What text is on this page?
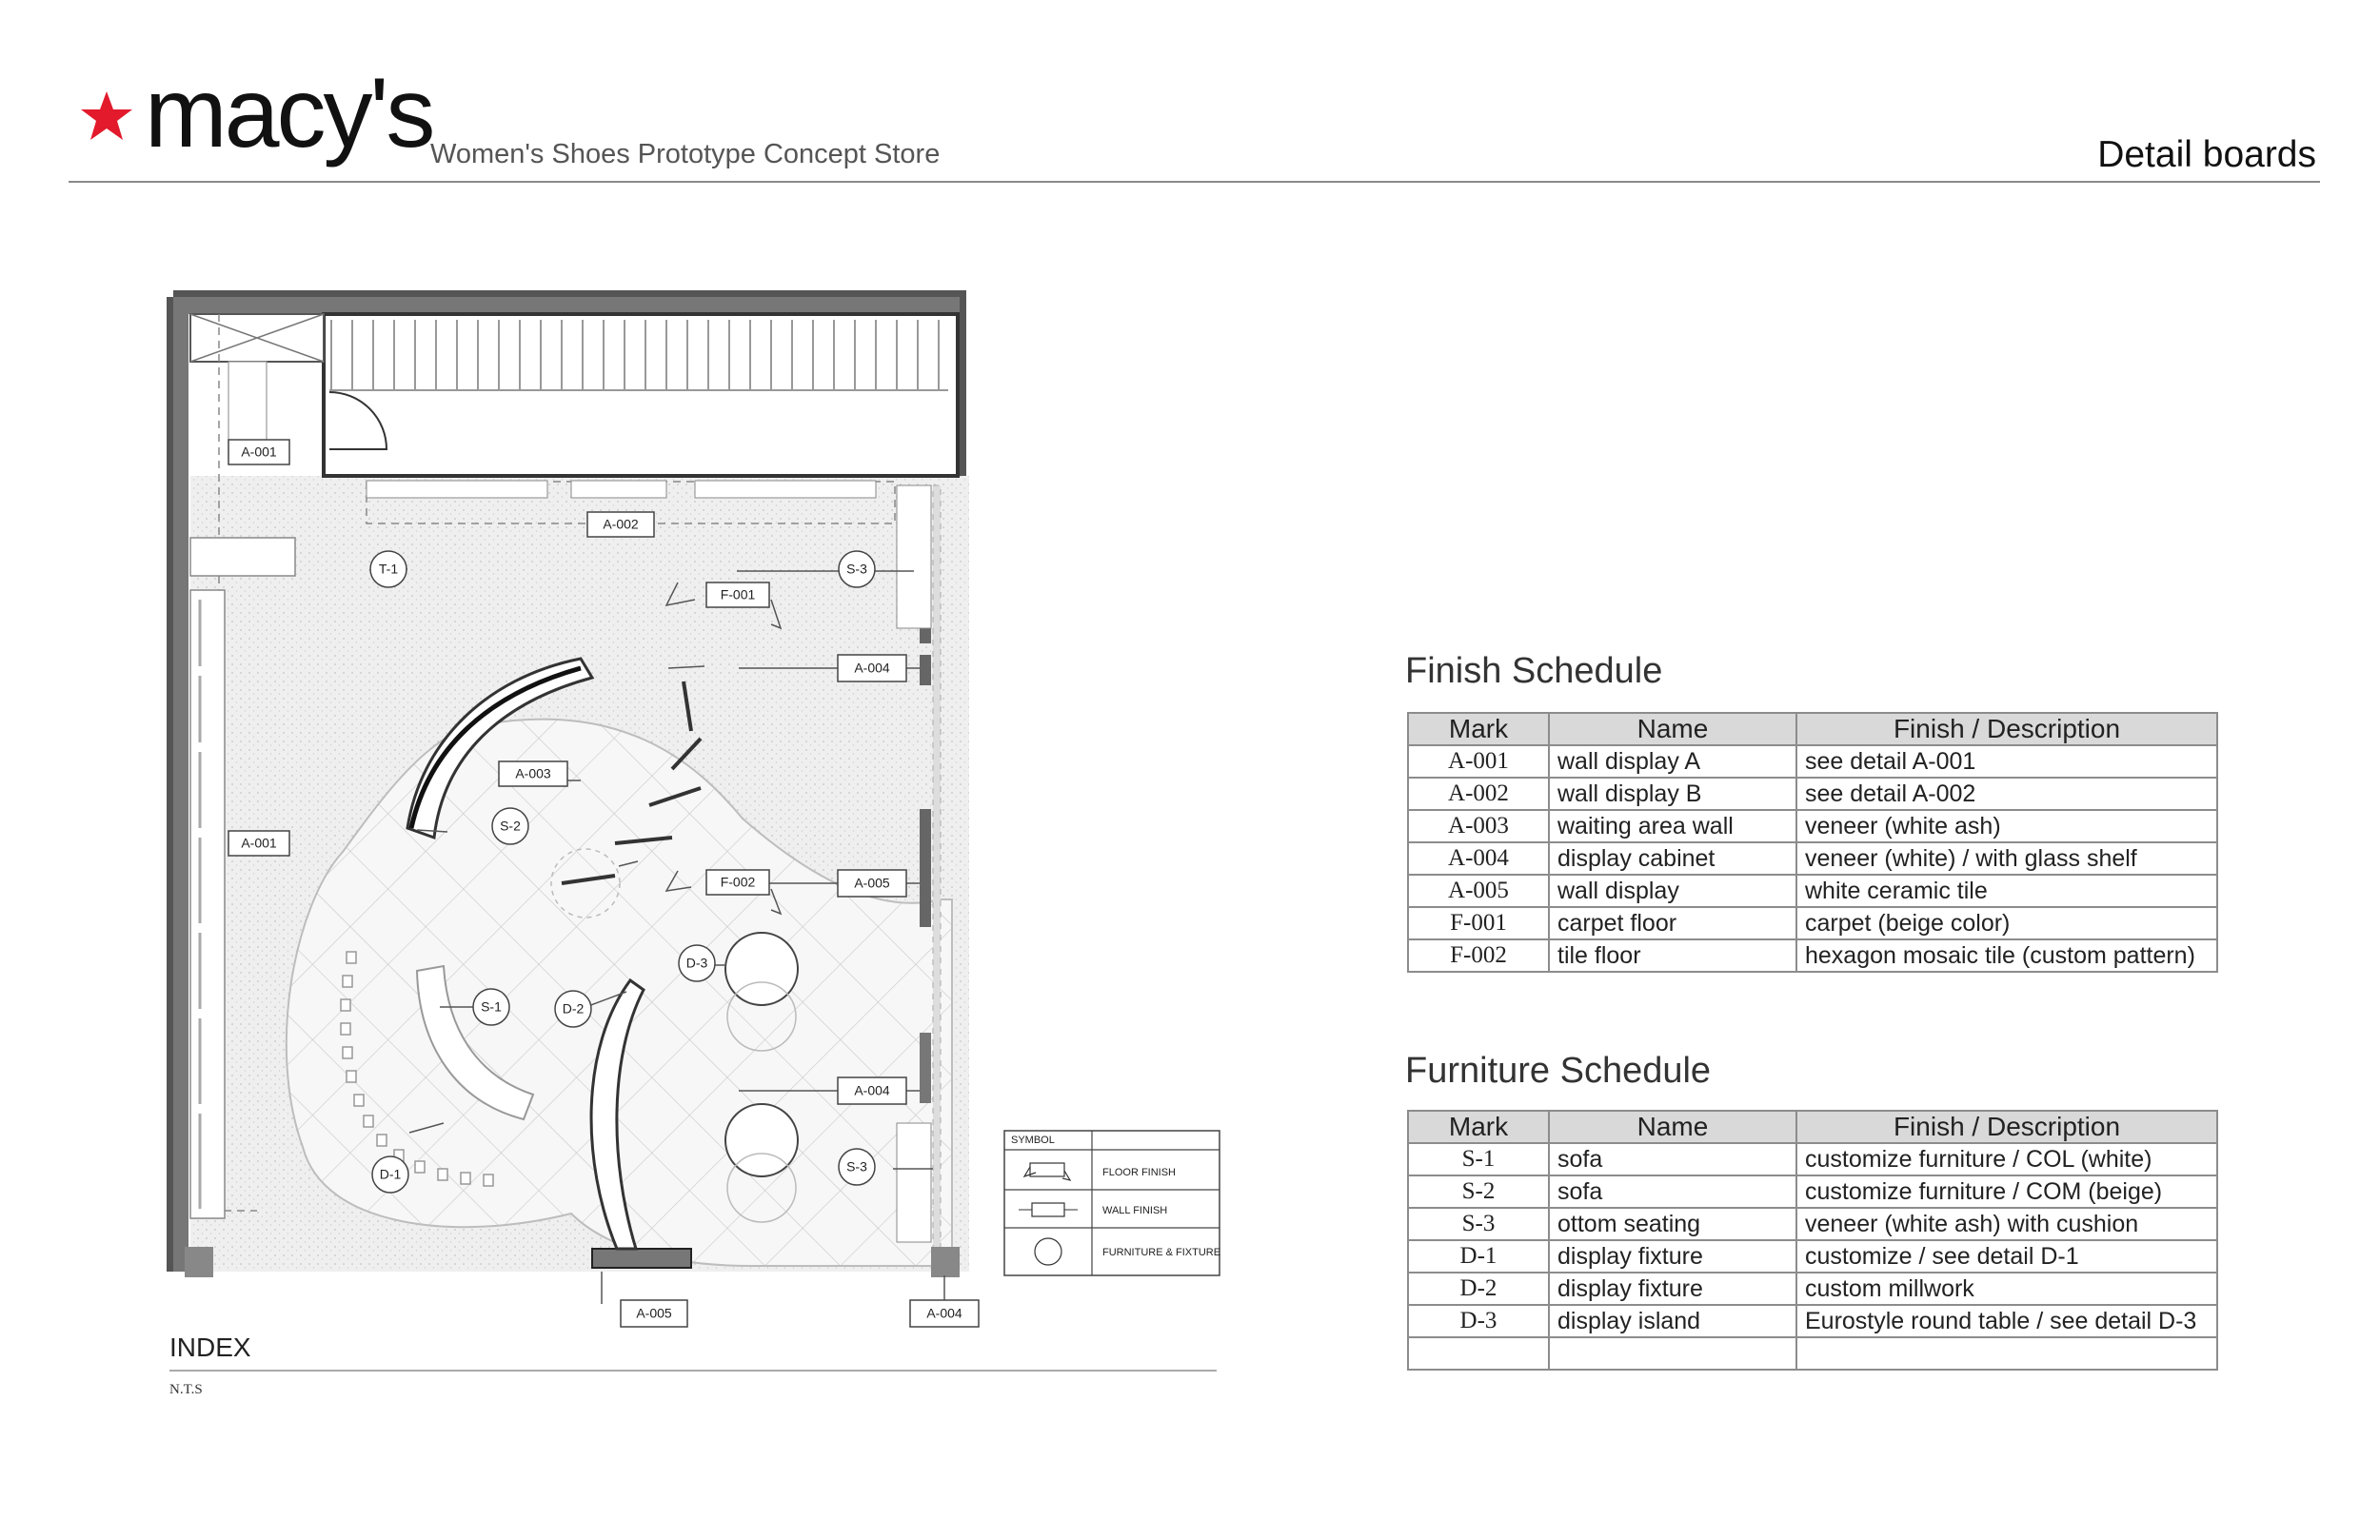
macy's
Women's Shoes Prototype Concept Store	Detail boards
A-001
A-001
A-002
A-003
A-004
A-004
A-004
A-005
A-005
F-001
F-002
T-1
S-1
S-2
S-3
S-3
D-1
D-2
D-3
SYMBOL
FLOOR FINISH
WALL FINISH
FURNITURE & FIXTURE
INDEX
N.T.S
Finish Schedule
Mark	Name	Finish / Description
A-001	wall display A	see detail A-001
A-002	wall display B	see detail A-002
A-003	waiting area wall	veneer (white ash)
A-004	display cabinet	veneer (white) / with glass shelf
A-005	wall display	white ceramic tile
F-001	carpet floor	carpet (beige color)
F-002	tile floor	hexagon mosaic tile (custom pattern)
Furniture Schedule
Mark	Name	Finish / Description
S-1	sofa	customize furniture / COL (white)
S-2	sofa	customize furniture / COM (beige)
S-3	ottom seating	veneer (white ash) with cushion
D-1	display fixture	customize / see detail D-1
D-2	display fixture	custom millwork
D-3	display island	Eurostyle round table / see detail D-3
